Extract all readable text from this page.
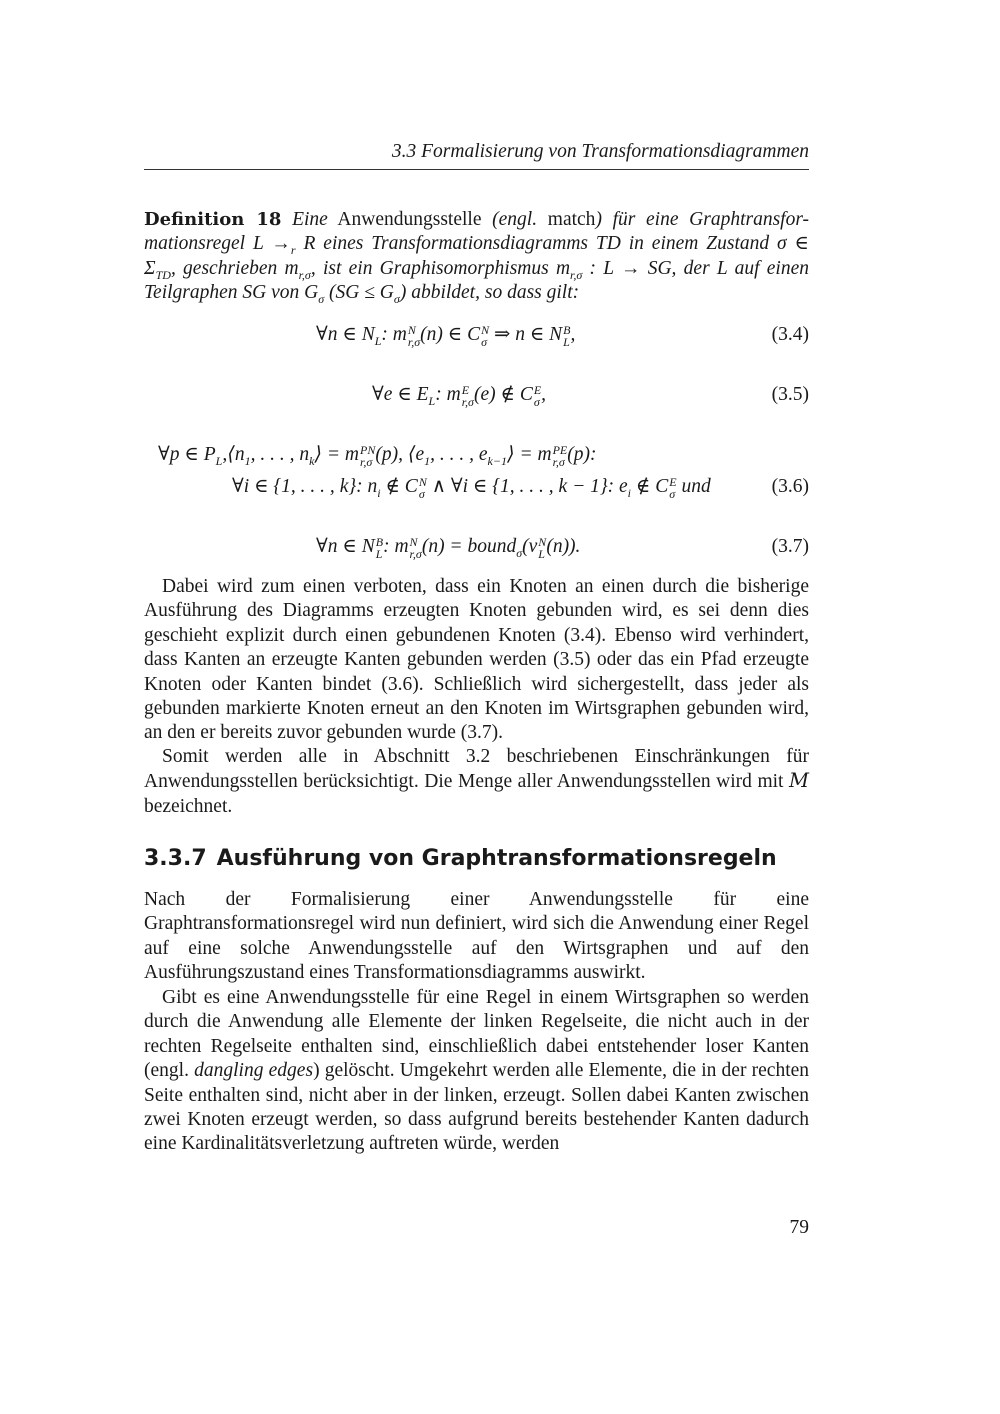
3.3 Formalisierung von Transformationsdiagrammen
Definition 18 Eine Anwendungsstelle (engl. match) für eine Graphtransfor- mationsregel $L \to_r$ R eines Transformationsdiagramms TD in einem Zustand σ ∈ $\Sigma_{TD}$, geschrieben $m_{r,\sigma}$, ist ein Graphisomorphismus $m_{r,\sigma}$ : L → SG, der L auf einen Teilgraphen SG von $G_\sigma$ $(SG \le G_\sigma)$ abbildet, so dass gilt:
∀n ∈ $N_L$: m N
r,σ (n) ∈ C N
σ ⇒ n ∈ N B
L ,	(3.4)
∀e ∈ $E_L$: m E
r,σ (e) ∉ C E
σ ,	(3.5)
∀p ∈ $P_L,⟨n_1$, . . . , $n_k⟩ = m$ PN
r,σ (p), $⟨e_1$, . . . , $e_{k-1}⟩ = m$ PE
r,σ (p):
∀i ∈ {1, . . . , k}: $n_i$ ∉ C N
σ ∧ ∀i ∈ {1, . . . , k − 1}: $e_i$ ∉ C E
σ und	(3.6)
∀n ∈ N B
L : m N
r,σ (n) = bound$_\sigma$(v N
L (n)).	(3.7)
Dabei wird zum einen verboten, dass ein Knoten an einen durch die bisherige Ausführung des Diagramms erzeugten Knoten gebunden wird, es sei denn dies geschieht explizit durch einen gebundenen Knoten (3.4). Ebenso wird verhindert, dass Kanten an erzeugte Kanten gebunden werden (3.5) oder das ein Pfad erzeugte Knoten oder Kanten bindet (3.6). Schließlich wird sichergestellt, dass jeder als gebunden markierte Knoten erneut an den Knoten im Wirtsgraphen gebunden wird, an den er bereits zuvor gebunden wurde (3.7).
Somit werden alle in Abschnitt 3.2 beschriebenen Einschränkungen für Anwendungsstellen berücksichtigt. Die Menge aller Anwendungsstellen wird mit M bezeichnet.
3.3.7 Ausführung von Graphtransformationsregeln
Nach der Formalisierung einer Anwendungsstelle für eine Graphtransformationsregel wird nun definiert, wird sich die Anwendung einer Regel auf eine solche Anwendungsstelle auf den Wirtsgraphen und auf den Ausführungszustand eines Transformationsdiagramms auswirkt.
Gibt es eine Anwendungsstelle für eine Regel in einem Wirtsgraphen so werden durch die Anwendung alle Elemente der linken Regelseite, die nicht auch in der rechten Regelseite enthalten sind, einschließlich dabei entstehender loser Kanten (engl. dangling edges) gelöscht. Umgekehrt werden alle Elemente, die in der rechten Seite enthalten sind, nicht aber in der linken, erzeugt. Sollen dabei Kanten zwischen zwei Knoten erzeugt werden, so dass aufgrund bereits bestehender Kanten dadurch eine Kardinalitätsverletzung auftreten würde, werden
79
